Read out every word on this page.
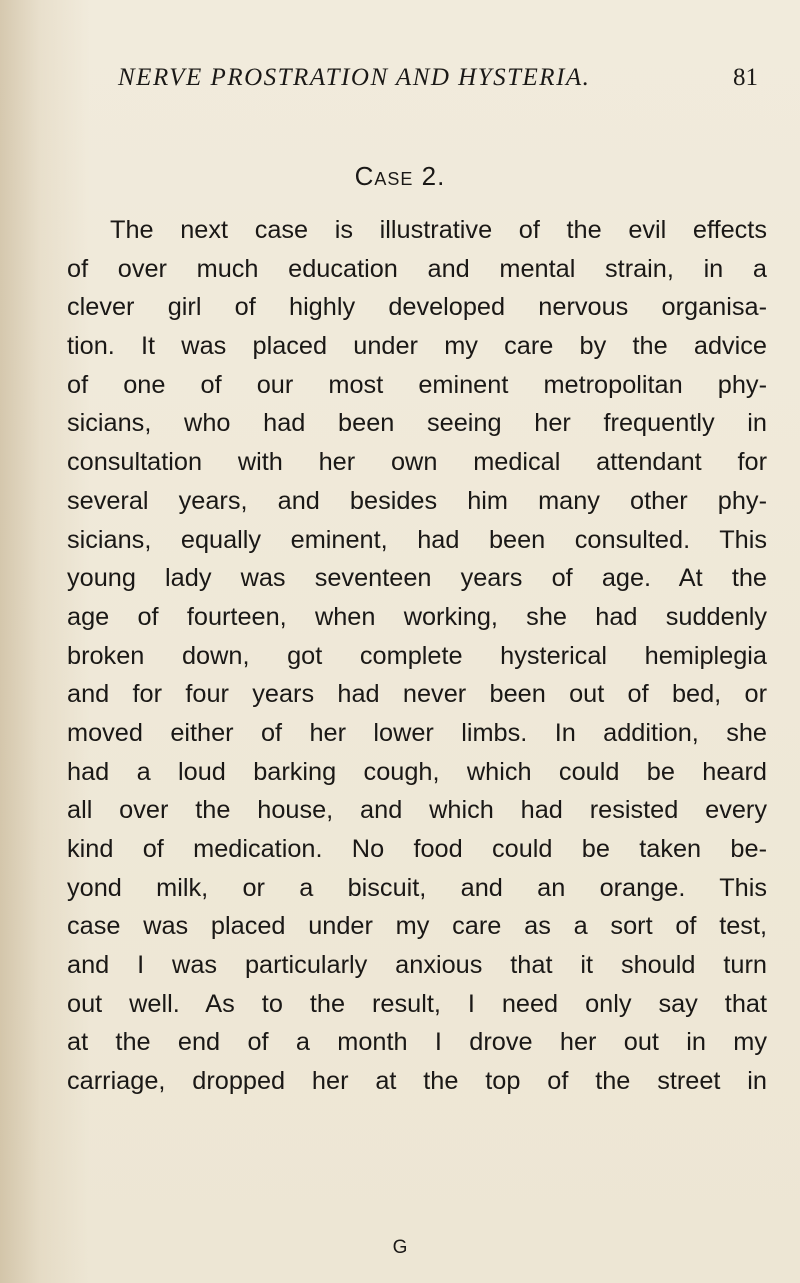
NERVE PROSTRATION AND HYSTERIA.	81
Case 2.
The next case is illustrative of the evil effects
of over much education and mental strain, in a
clever girl of highly developed nervous organisa-
tion. It was placed under my care by the advice
of one of our most eminent metropolitan phy-
sicians, who had been seeing her frequently in
consultation with her own medical attendant for
several years, and besides him many other phy-
sicians, equally eminent, had been consulted. This
young lady was seventeen years of age. At the
age of fourteen, when working, she had suddenly
broken down, got complete hysterical hemiplegia
and for four years had never been out of bed, or
moved either of her lower limbs. In addition, she
had a loud barking cough, which could be heard
all over the house, and which had resisted every
kind of medication. No food could be taken be-
yond milk, or a biscuit, and an orange. This
case was placed under my care as a sort of test,
and I was particularly anxious that it should turn
out well. As to the result, I need only say that
at the end of a month I drove her out in my
carriage, dropped her at the top of the street in
G
